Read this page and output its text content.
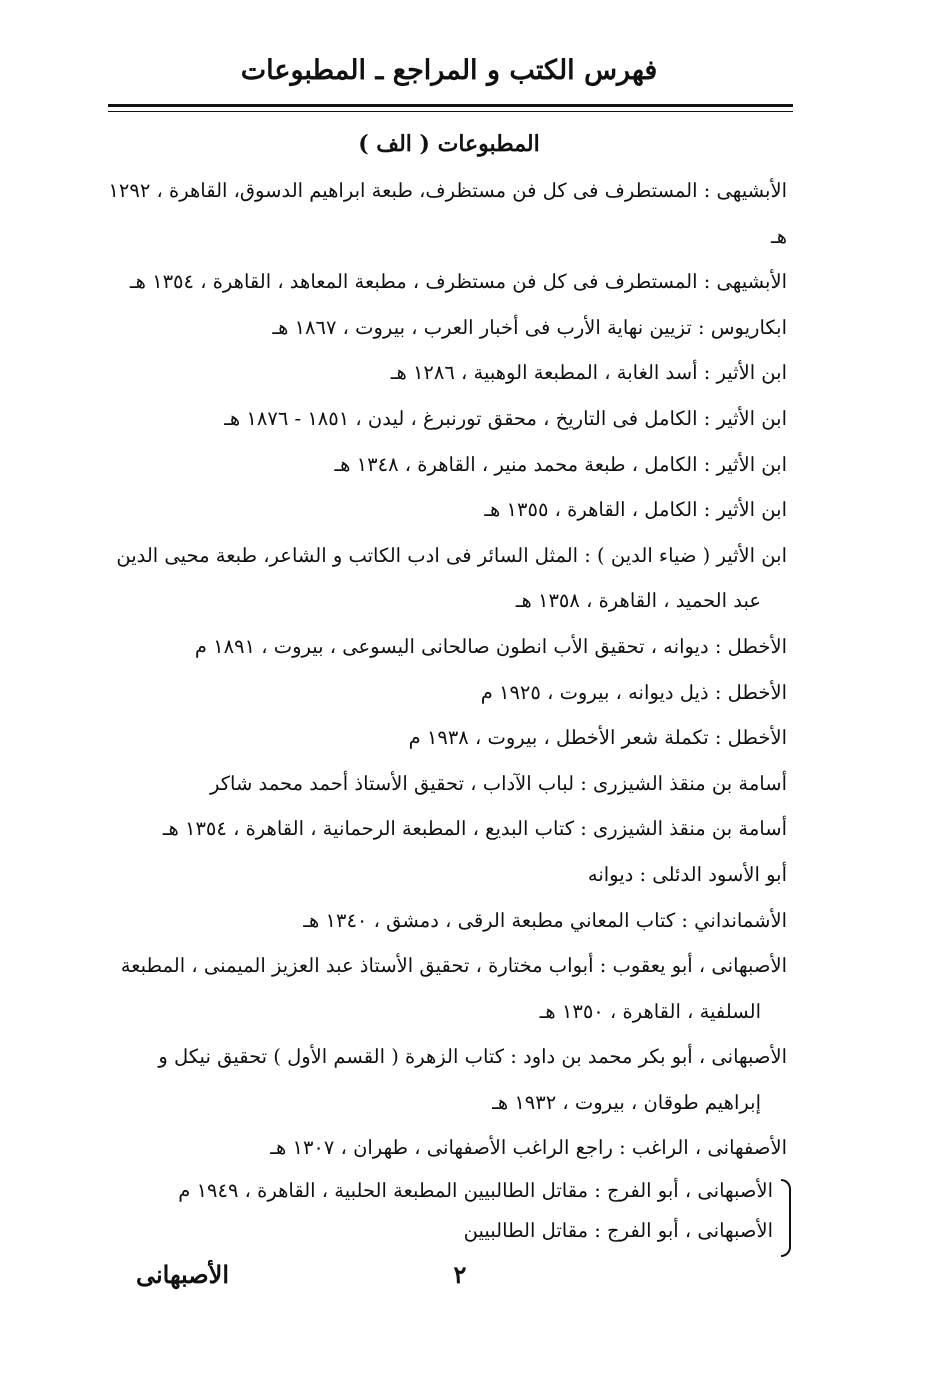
فهرس الكتب و المراجع ـ المطبوعات
المطبوعات ( الف )
الأبشيهى : المستطرف فى كل فن مستظرف، طبعة ابراهيم الدسوق، القاهرة ، ١٢٩٢ هـ
الأبشيهى : المستطرف فى كل فن مستظرف ، مطبعة المعاهد ، القاهرة ، ١٣٥٤ هـ
ابكاريوس : تزيين نهاية الأرب فى أخبار العرب ، بيروت ، ١٨٦٧ هـ
ابن الأثير : أسد الغابة ، المطبعة الوهبية ، ١٢٨٦ هـ
ابن الأثير : الكامل فى التاريخ ، محقق تورنبرغ ، ليدن ، ١٨٥١ - ١٨٧٦ هـ
ابن الأثير : الكامل ، طبعة محمد منير ، القاهرة ، ١٣٤٨ هـ
ابن الأثير : الكامل ، القاهرة ، ١٣٥٥ هـ
ابن الأثير ( ضياء الدين ) : المثل السائر فى ادب الكاتب و الشاعر، طبعة محيى الدين عبد الحميد ، القاهرة ، ١٣٥٨ هـ
الأخطل : ديوانه ، تحقيق الأب انطون صالحانى اليسوعى ، بيروت ، ١٨٩١ م
الأخطل : ذيل ديوانه ، بيروت ، ١٩٢٥ م
الأخطل : تكملة شعر الأخطل ، بيروت ، ١٩٣٨ م
أسامة بن منقذ الشيزرى : لباب الآداب ، تحقيق الأستاذ أحمد محمد شاكر
أسامة بن منقذ الشيزرى : كتاب البديع ، المطبعة الرحمانية ، القاهرة ، ١٣٥٤ هـ
أبو الأسود الدئلى : ديوانه
الأشمانداني : كتاب المعاني مطبعة الرقى ، دمشق ، ١٣٤٠ هـ
الأصبهانى ، أبو يعقوب : أبواب مختارة ، تحقيق الأستاذ عبد العزيز الميمنى ، المطبعة السلفية ، القاهرة ، ١٣٥٠ هـ
الأصبهانى ، أبو بكر محمد بن داود : كتاب الزهرة ( القسم الأول ) تحقيق نيكل و إبراهيم طوقان ، بيروت ، ١٩٣٢ هـ
الأصفهانى ، الراغب : راجع الراغب الأصفهانى ، طهران ، ١٣٠٧ هـ
الأصبهانى ، أبو الفرج : مقاتل الطالبيين المطبعة الحلبية ، القاهرة ، ١٩٤٩ م
الأصبهانى ، أبو الفرج : مقاتل الطالبيين
٢
الأصبهانى
